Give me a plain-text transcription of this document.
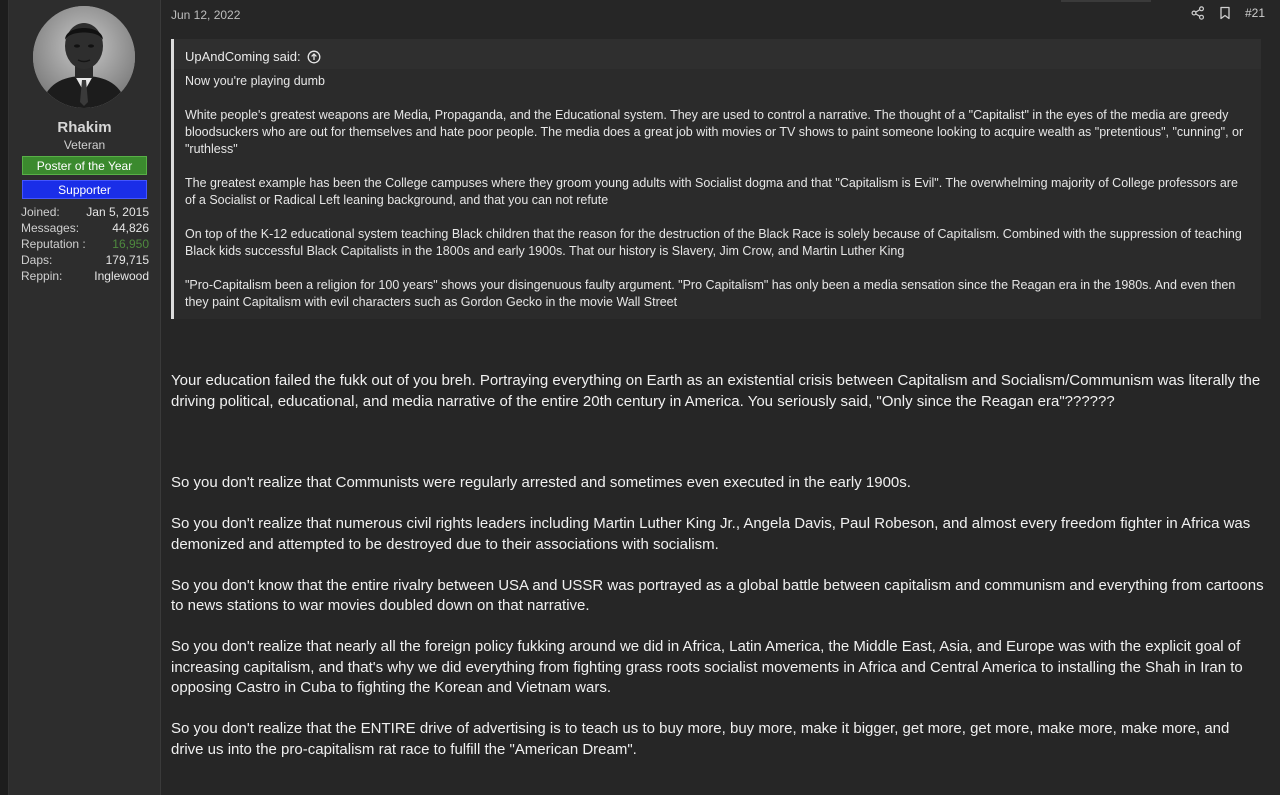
Rhakim
Veteran
Poster of the Year
Supporter
Joined: Jan 5, 2015
Messages:	44,826
Reputation : 16,950
Daps:	179,715
Reppin:	Inglewood
Jun 12, 2022	#21
UpAndComing said:

Now you're playing dumb

White people's greatest weapons are Media, Propaganda, and the Educational system. They are used to control a narrative. The thought of a "Capitalist" in the eyes of the media are greedy bloodsuckers who are out for themselves and hate poor people. The media does a great job with movies or TV shows to paint someone looking to acquire wealth as "pretentious", "cunning", or "ruthless"

The greatest example has been the College campuses where they groom young adults with Socialist dogma and that "Capitalism is Evil". The overwhelming majority of College professors are of a Socialist or Radical Left leaning background, and that you can not refute

On top of the K-12 educational system teaching Black children that the reason for the destruction of the Black Race is solely because of Capitalism. Combined with the suppression of teaching Black kids successful Black Capitalists in the 1800s and early 1900s. That our history is Slavery, Jim Crow, and Martin Luther King

"Pro-Capitalism been a religion for 100 years" shows your disingenuous faulty argument. "Pro Capitalism" has only been a media sensation since the Reagan era in the 1980s. And even then they paint Capitalism with evil characters such as Gordon Gecko in the movie Wall Street

Your education failed the fukk out of you breh. Portraying everything on Earth as an existential crisis between Capitalism and Socialism/Communism was literally the driving political, educational, and media narrative of the entire 20th century in America. You seriously said, "Only since the Reagan era"??????

So you don't realize that Communists were regularly arrested and sometimes even executed in the early 1900s.

So you don't realize that numerous civil rights leaders including Martin Luther King Jr., Angela Davis, Paul Robeson, and almost every freedom fighter in Africa was demonized and attempted to be destroyed due to their associations with socialism.

So you don't know that the entire rivalry between USA and USSR was portrayed as a global battle between capitalism and communism and everything from cartoons to news stations to war movies doubled down on that narrative.

So you don't realize that nearly all the foreign policy fukking around we did in Africa, Latin America, the Middle East, Asia, and Europe was with the explicit goal of increasing capitalism, and that's why we did everything from fighting grass roots socialist movements in Africa and Central America to installing the Shah in Iran to opposing Castro in Cuba to fighting the Korean and Vietnam wars.

So you don't realize that the ENTIRE drive of advertising is to teach us to buy more, buy more, make it bigger, get more, get more, make more, make more, and drive us into the pro-capitalism rat race to fulfill the "American Dream".
